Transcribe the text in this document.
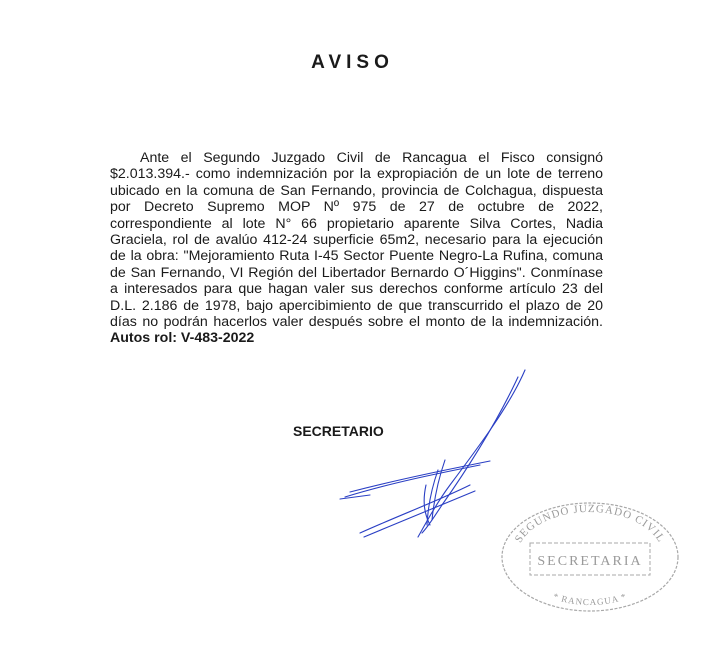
AVISO

Ante el Segundo Juzgado Civil de Rancagua el Fisco consignó $2.013.394.- como indemnización por la expropiación de un lote de terreno ubicado en la comuna de San Fernando, provincia de Colchagua, dispuesta por Decreto Supremo MOP Nº 975 de 27 de octubre de 2022, correspondiente al lote N° 66 propietario aparente Silva Cortes, Nadia Graciela, rol de avalúo 412-24 superficie 65m2, necesario para la ejecución de la obra: "Mejoramiento Ruta I-45 Sector Puente Negro-La Rufina, comuna de San Fernando, VI Región del Libertador Bernardo O´Higgins". Conmínase a interesados para que hagan valer sus derechos conforme artículo 23 del D.L. 2.186 de 1978, bajo apercibimiento de que transcurrido el plazo de 20 días no podrán hacerlos valer después sobre el monto de la indemnización. Autos rol: V-483-2022

SECRETARIO
SEGUNDO JUZGADO CIVIL
SECRETARIA
* RANCAGUA *
